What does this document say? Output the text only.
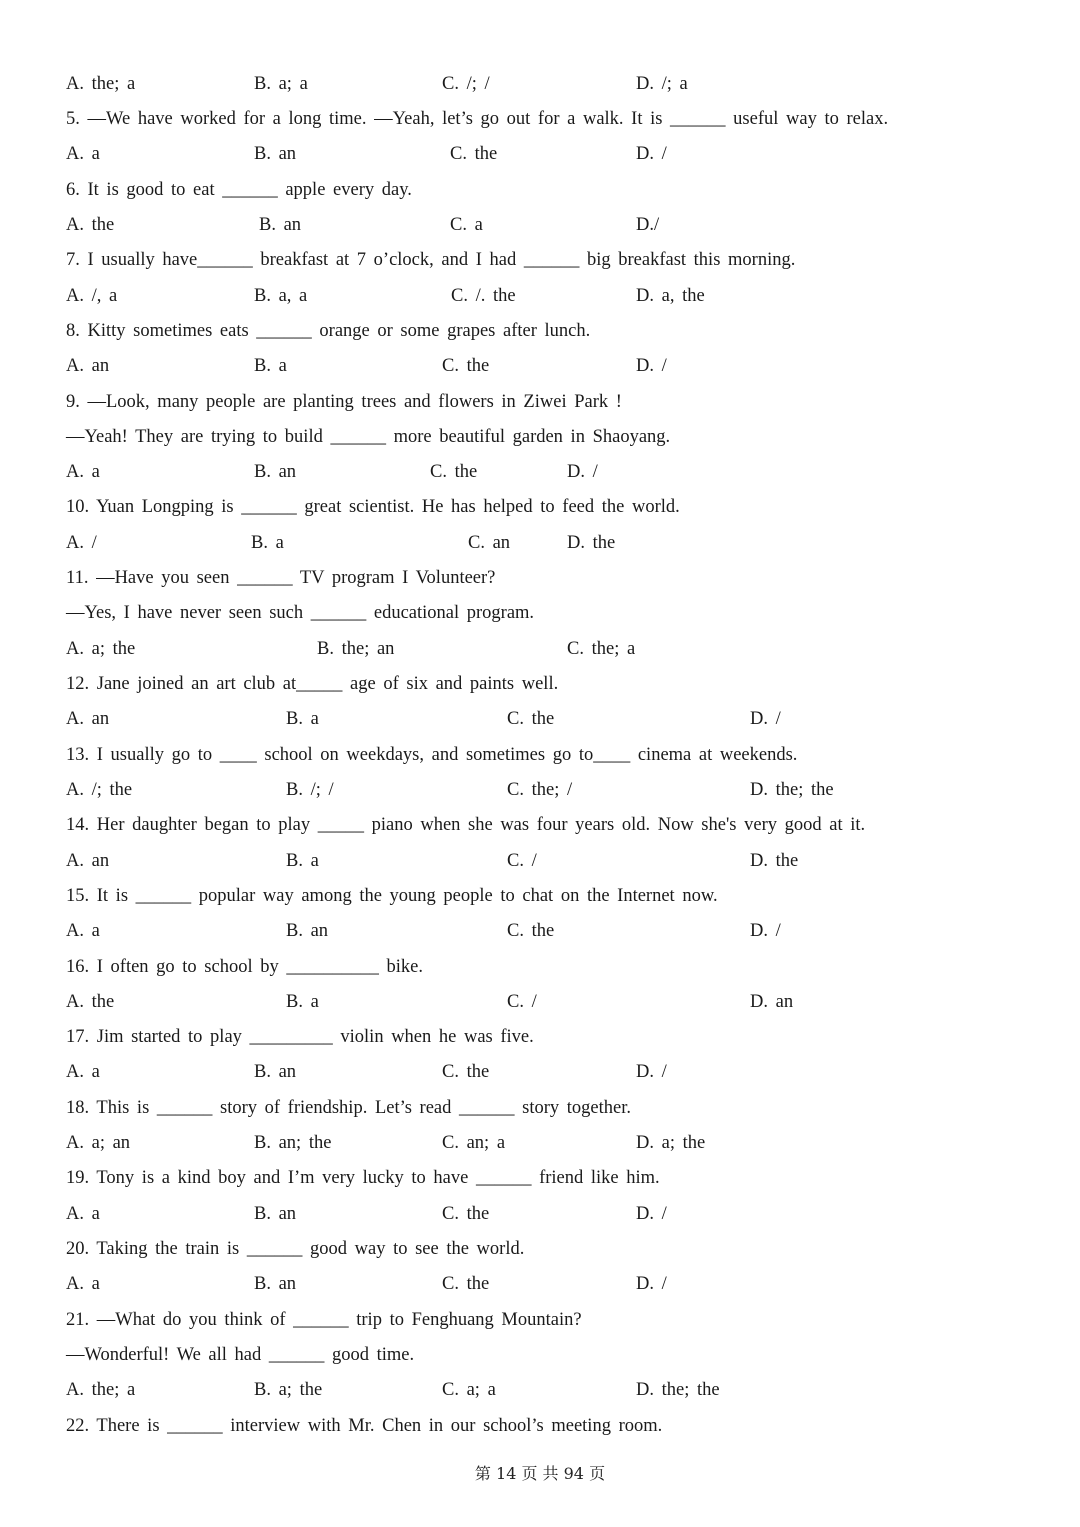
A. the; a	B. a; a	C. /; /	D. /; a
5. —We have worked for a long time. —Yeah, let’s go out for a walk. It is ______ useful way to relax.
A. a	B. an	C. the	D. /
6. It is good to eat ______ apple every day.
A. the	B. an	C. a	D./
7. I usually have______ breakfast at 7 o’clock, and I had ______ big breakfast this morning.
A. /, a	B. a, a	C. /. the	D. a, the
8. Kitty sometimes eats ______ orange or some grapes after lunch.
A. an	B. a	C. the	D. /
9. —Look, many people are planting trees and flowers in Ziwei Park !
—Yeah! They are trying to build ______ more beautiful garden in Shaoyang.
A. a	B. an	C. the	D. /
10. Yuan Longping is ______ great scientist. He has helped to feed the world.
A. /	B. a	C. an	D. the
11. —Have you seen ______ TV program I Volunteer?
—Yes, I have never seen such ______ educational program.
A. a; the	B. the; an	C. the; a
12. Jane joined an art club at_____ age of six and paints well.
A. an	B. a	C. the	D. /
13. I usually go to ____ school on weekdays, and sometimes go to____ cinema at weekends.
A. /; the	B. /; /	C. the; /	D. the; the
14. Her daughter began to play _____ piano when she was four years old. Now she's very good at it.
A. an	B. a	C. /	D. the
15. It is ______ popular way among the young people to chat on the Internet now.
A. a	B. an	C. the	D. /
16. I often go to school by __________ bike.
A. the	B. a	C. /	D. an
17. Jim started to play _________ violin when he was five.
A. a	B. an	C. the	D. /
18. This is ______ story of friendship. Let’s read ______ story together.
A. a; an	B. an; the	C. an; a	D. a; the
19. Tony is a kind boy and I’m very lucky to have ______ friend like him.
A. a	B. an	C. the	D. /
20. Taking the train is ______ good way to see the world.
A. a	B. an	C. the	D. /
21. —What do you think of ______ trip to Fenghuang Mountain?
—Wonderful! We all had ______ good time.
A. the; a	B. a; the	C. a; a	D. the; the
22. There is ______ interview with Mr. Chen in our school’s meeting room.
第 14 页 共 94 页
